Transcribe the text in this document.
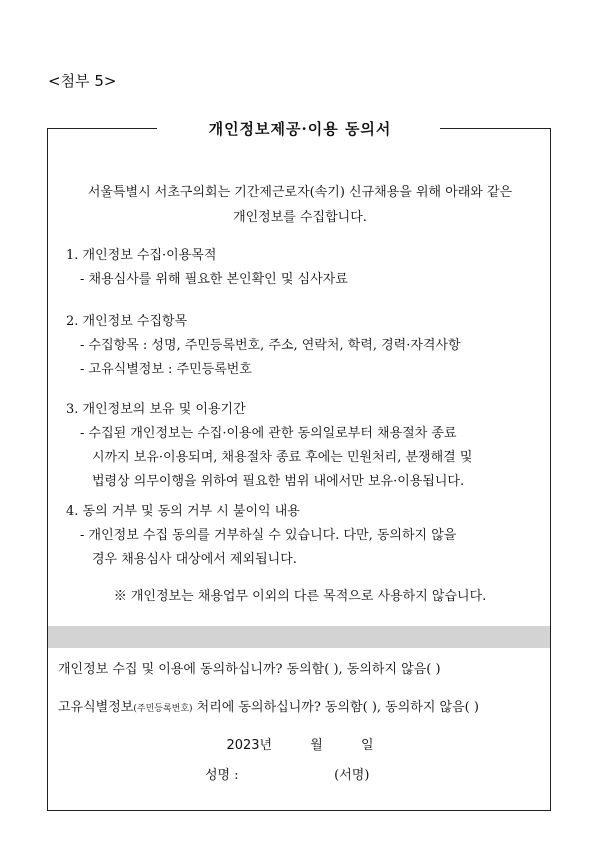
<첨부 5>
개인정보제공·이용 동의서
서울특별시 서초구의회는 기간제근로자(속기) 신규채용을 위해 아래와 같은
개인정보를 수집합니다.

1. 개인정보 수집·이용목적

- 채용심사를 위해 필요한 본인확인 및 심사자료

2. 개인정보 수집항목

- 수집항목 : 성명, 주민등록번호, 주소, 연락처, 학력, 경력·자격사항

- 고유식별정보 : 주민등록번호

3. 개인정보의 보유 및 이용기간

- 수집된 개인정보는 수집·이용에 관한 동의일로부터 채용절차 종료

시까지 보유·이용되며, 채용절차 종료 후에는 민원처리, 분쟁해결 및

법령상 의무이행을 위하여 필요한 범위 내에서만 보유·이용됩니다.

4. 동의 거부 및 동의 거부 시 불이익 내용

- 개인정보 수집 동의를 거부하실 수 있습니다. 다만, 동의하지 않을

경우 채용심사 대상에서 제외됩니다.

※ 개인정보는 채용업무 이외의 다른 목적으로 사용하지 않습니다.
개인정보 수집 및 이용에 동의하십니까? 동의함( ), 동의하지 않음( )
고유식별정보(주민등록번호) 처리에 동의하십니까? 동의함( ), 동의하지 않음( )
2023년	월	일
성명 :	(서명)
